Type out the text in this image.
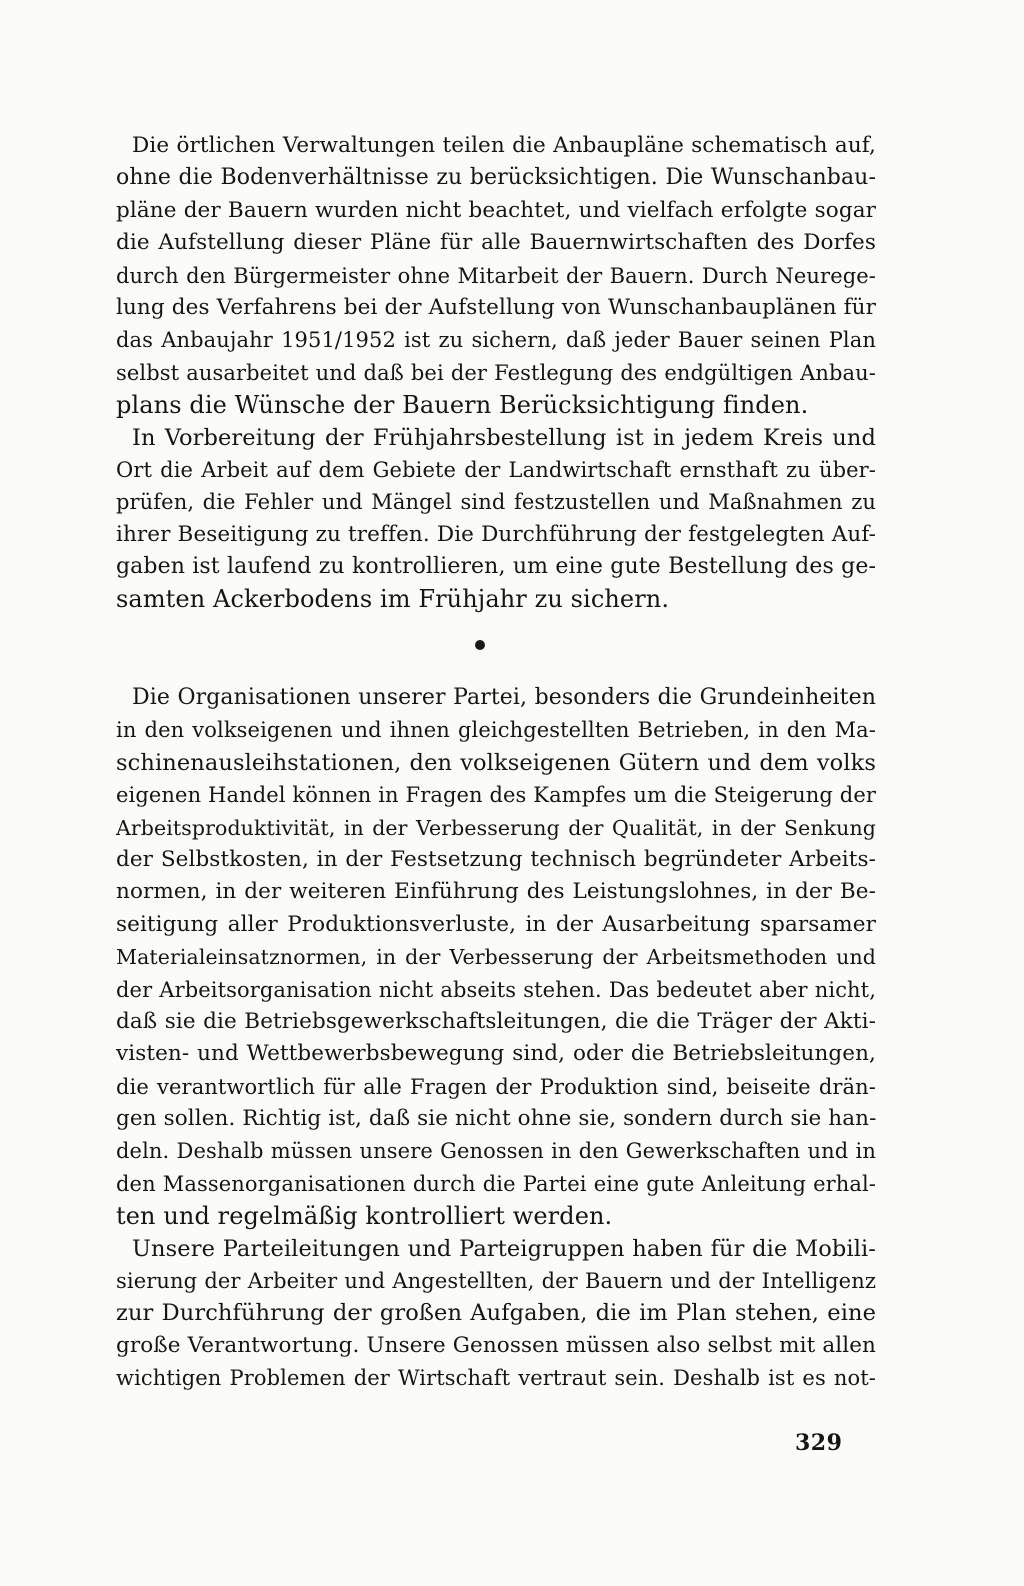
Die örtlichen Verwaltungen teilen die Anbaupläne schematisch auf,
ohne die Bodenverhältnisse zu berücksichtigen. Die Wunschanbau-
pläne der Bauern wurden nicht beachtet, und vielfach erfolgte sogar
die Aufstellung dieser Pläne für alle Bauernwirtschaften des Dorfes
durch den Bürgermeister ohne Mitarbeit der Bauern. Durch Neurege-
lung des Verfahrens bei der Aufstellung von Wunschanbauplänen für
das Anbaujahr 1951/1952 ist zu sichern, daß jeder Bauer seinen Plan
selbst ausarbeitet und daß bei der Festlegung des endgültigen Anbau-
plans die Wünsche der Bauern Berücksichtigung finden.
In Vorbereitung der Frühjahrsbestellung ist in jedem Kreis und
Ort die Arbeit auf dem Gebiete der Landwirtschaft ernsthaft zu über-
prüfen, die Fehler und Mängel sind festzustellen und Maßnahmen zu
ihrer Beseitigung zu treffen. Die Durchführung der festgelegten Auf-
gaben ist laufend zu kontrollieren, um eine gute Bestellung des ge-
samten Ackerbodens im Frühjahr zu sichern.
Die Organisationen unserer Partei, besonders die Grundeinheiten
in den volkseigenen und ihnen gleichgestellten Betrieben, in den Ma-
schinenausleihstationen, den volkseigenen Gütern und dem volks
eigenen Handel können in Fragen des Kampfes um die Steigerung der
Arbeitsproduktivität, in der Verbesserung der Qualität, in der Senkung
der Selbstkosten, in der Festsetzung technisch begründeter Arbeits-
normen, in der weiteren Einführung des Leistungslohnes, in der Be-
seitigung aller Produktionsverluste, in der Ausarbeitung sparsamer
Materialeinsatznormen, in der Verbesserung der Arbeitsmethoden und
der Arbeitsorganisation nicht abseits stehen. Das bedeutet aber nicht,
daß sie die Betriebsgewerkschaftsleitungen, die die Träger der Akti-
visten- und Wettbewerbsbewegung sind, oder die Betriebsleitungen,
die verantwortlich für alle Fragen der Produktion sind, beiseite drän-
gen sollen. Richtig ist, daß sie nicht ohne sie, sondern durch sie han-
deln. Deshalb müssen unsere Genossen in den Gewerkschaften und in
den Massenorganisationen durch die Partei eine gute Anleitung erhal-
ten und regelmäßig kontrolliert werden.
Unsere Parteileitungen und Parteigruppen haben für die Mobili-
sierung der Arbeiter und Angestellten, der Bauern und der Intelligenz
zur Durchführung der großen Aufgaben, die im Plan stehen, eine
große Verantwortung. Unsere Genossen müssen also selbst mit allen
wichtigen Problemen der Wirtschaft vertraut sein. Deshalb ist es not-
329
